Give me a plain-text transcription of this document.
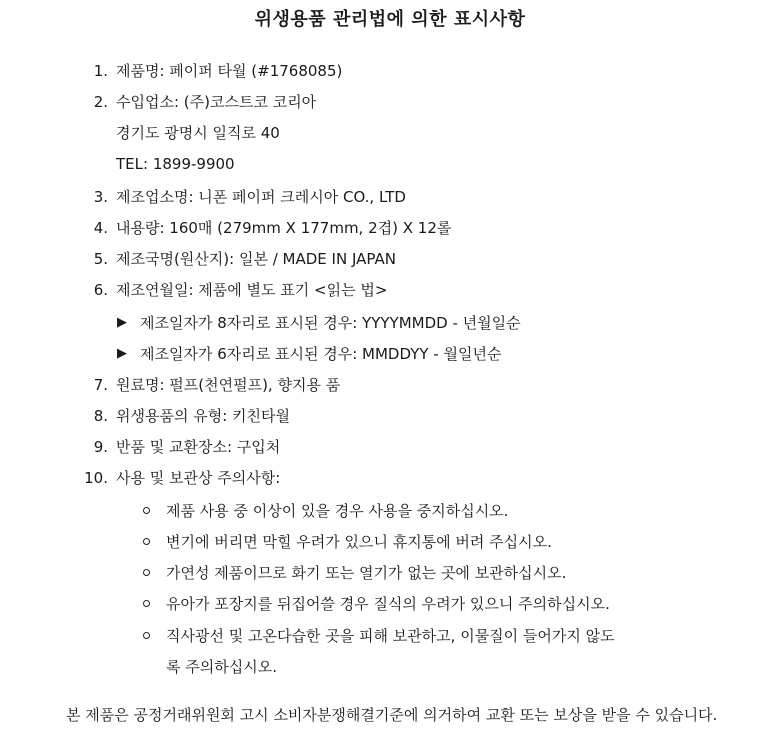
위생용품 관리법에 의한 표시사항
1. 제품명: 페이퍼 타월 (#1768085)
2. 수입업소: (주)코스트코 코리아
경기도 광명시 일직로 40
TEL: 1899-9900
3. 제조업소명: 니폰 페이퍼 크레시아 CO., LTD
4. 내용량: 160매 (279mm X 177mm, 2겹) X 12롤
5. 제조국명(원산지): 일본 / MADE IN JAPAN
6. 제조연월일: 제품에 별도 표기 <읽는 법>
▶ 제조일자가 8자리로 표시된 경우: YYYYMMDD - 년월일순
▶ 제조일자가 6자리로 표시된 경우: MMDDYY - 월일년순
7. 원료명: 펄프(천연펄프), 향지용 품
8. 위생용품의 유형: 키친타월
9. 반품 및 교환장소: 구입처
10. 사용 및 보관상 주의사항:
제품 사용 중 이상이 있을 경우 사용을 중지하십시오.
변기에 버리면 막힐 우려가 있으니 휴지통에 버려 주십시오.
가연성 제품이므로 화기 또는 열기가 없는 곳에 보관하십시오.
유아가 포장지를 뒤집어쓸 경우 질식의 우려가 있으니 주의하십시오.
직사광선 및 고온다습한 곳을 피해 보관하고, 이물질이 들어가지 않도
록 주의하십시오.
본 제품은 공정거래위원회 고시 소비자분쟁해결기준에 의거하여 교환 또는 보상을 받을 수 있습니다.
